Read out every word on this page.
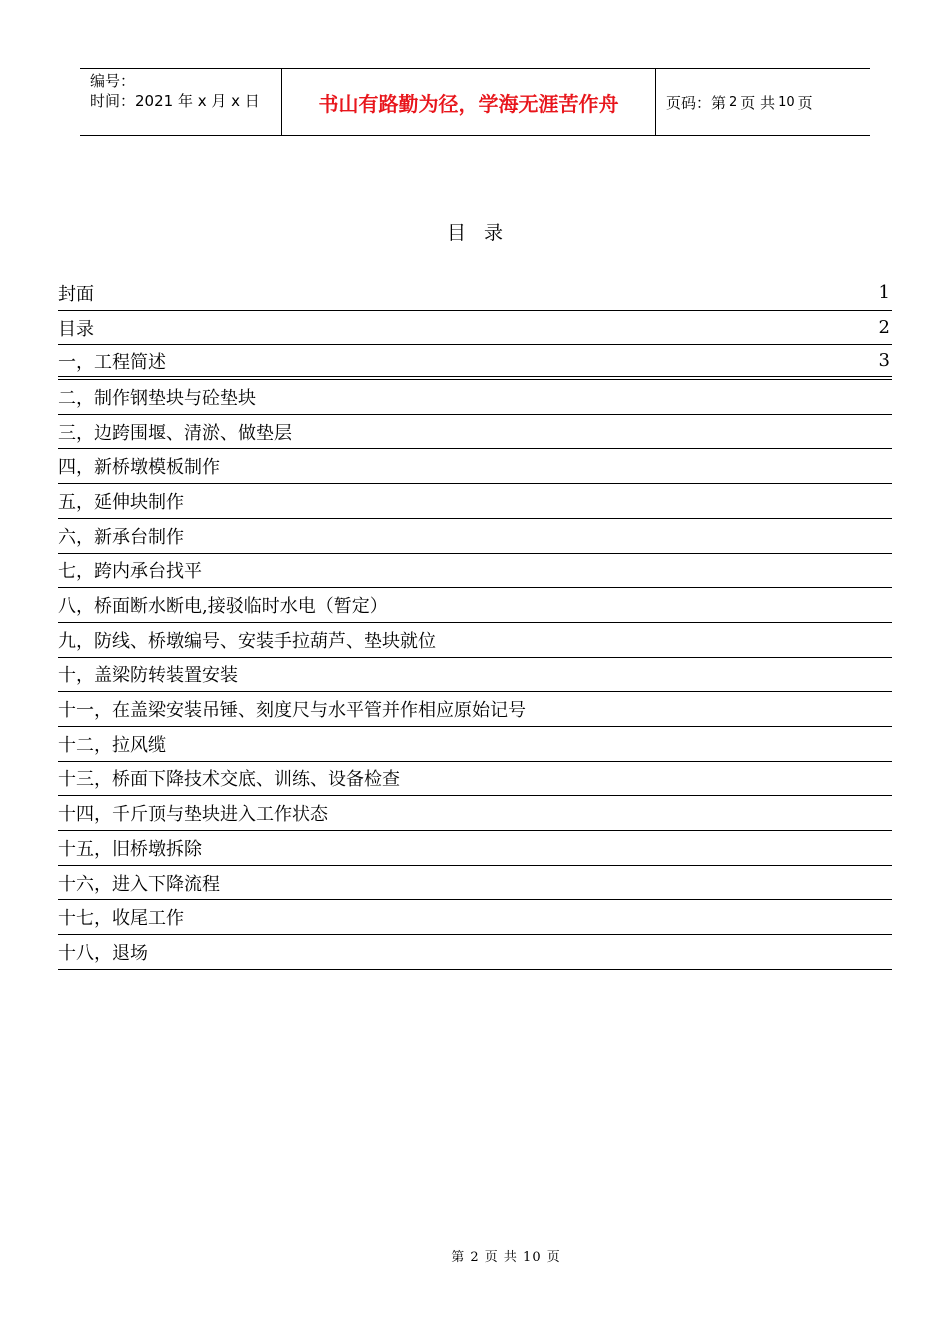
编号：
时间：2021 年 x 月 x 日	书山有路勤为径，学海无涯苦作舟	页码：第 2 页 共 10 页
目录
封面	1
目录	2
一，工程简述	3
二，制作钢垫块与砼垫块
三，边跨围堰、清淤、做垫层
四，新桥墩模板制作
五，延伸块制作
六，新承台制作
七，跨内承台找平
八，桥面断水断电,接驳临时水电（暂定）
九，防线、桥墩编号、安装手拉葫芦、垫块就位
十，盖梁防转装置安装
十一，在盖梁安装吊锤、刻度尺与水平管并作相应原始记号
十二，拉风缆
十三，桥面下降技术交底、训练、设备检查
十四，千斤顶与垫块进入工作状态
十五，旧桥墩拆除
十六，进入下降流程
十七，收尾工作
十八，退场
第 2 页 共 10 页
